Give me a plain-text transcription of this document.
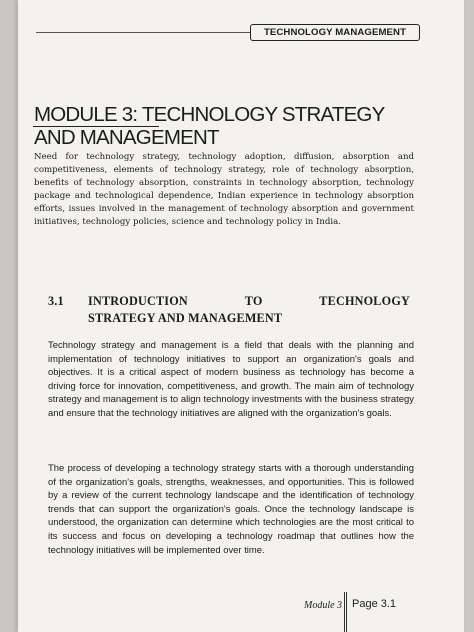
TECHNOLOGY MANAGEMENT
MODULE 3: TECHNOLOGY STRATEGY AND MANAGEMENT

Need for technology strategy, technology adoption, diffusion, absorption and competitiveness, elements of technology strategy, role of technology absorption, benefits of technology absorption, constraints in technology absorption, technology package and technological dependence, Indian experience in technology absorption efforts, issues involved in the management of technology absorption and government initiatives, technology policies, science and technology policy in India.

3.1 INTRODUCTION TO TECHNOLOGY
STRATEGY AND MANAGEMENT

Technology strategy and management is a field that deals with the planning and implementation of technology initiatives to support an organization's goals and objectives. It is a critical aspect of modern business as technology has become a driving force for innovation, competitiveness, and growth. The main aim of technology strategy and management is to align technology investments with the business strategy and ensure that the technology initiatives are aligned with the organization's goals.

The process of developing a technology strategy starts with a thorough understanding of the organization's goals, strengths, weaknesses, and opportunities. This is followed by a review of the current technology landscape and the identification of technology trends that can support the organization's goals. Once the technology landscape is understood, the organization can determine which technologies are the most critical to its success and focus on developing a technology roadmap that outlines how the technology initiatives will be implemented over time.

Module 3 Page 3.1
